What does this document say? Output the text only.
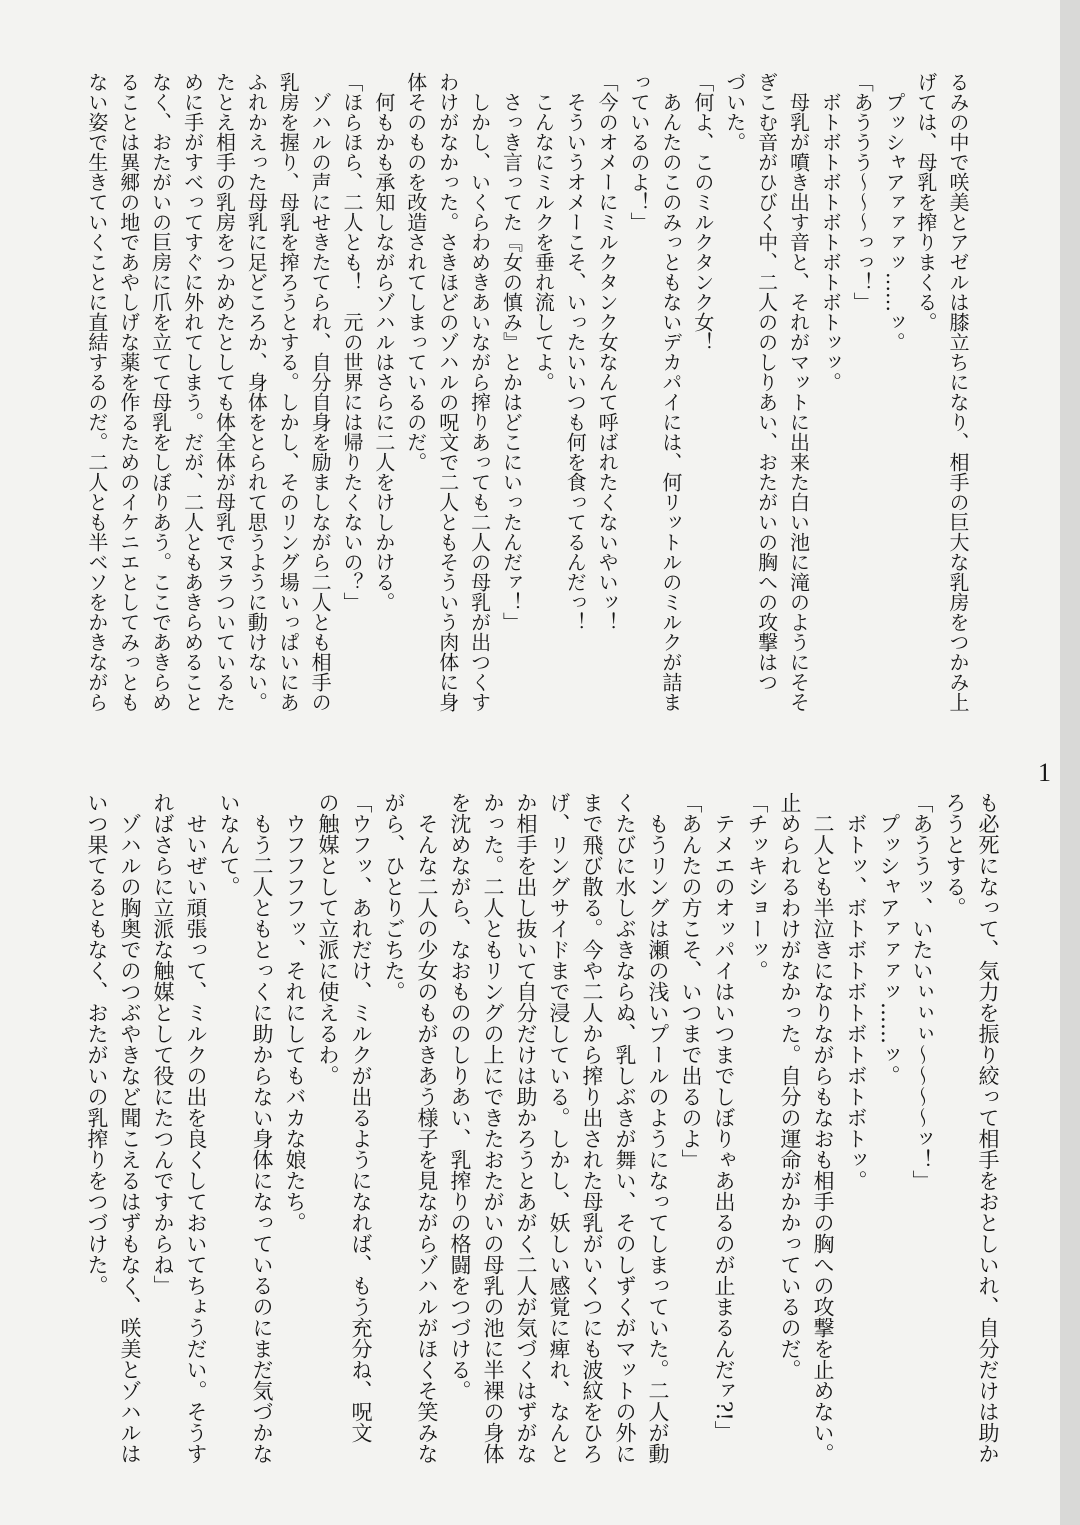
るみの中で咲美とアゼルは膝立ちになり、相手の巨大な乳房をつかみ上
げては、母乳を搾りまくる。
　プッシャアァァァッ……ッ。
「あううう〜〜〜っっ！」
　ボトボトボトボトボトボトッッ。
　母乳が噴き出す音と、それがマットに出来た白い池に滝のようにそそ
ぎこむ音がひびく中、二人ののしりあい、おたがいの胸への攻撃はつ
づいた。
「何よ、このミルクタンク女！
　あんたのこのみっともないデカパイには、何リットルのミルクが詰ま
っているのよ！」
「今のオメーにミルクタンク女なんて呼ばれたくないやいッ！
　そういうオメーこそ、いったいいつも何を食ってるんだっ！
　こんなにミルクを垂れ流してよ。
　さっき言ってた『女の慎み』とかはどこにいったんだァ！」
　しかし、いくらわめきあいながら搾りあっても二人の母乳が出つくす
わけがなかった。さきほどのゾハルの呪文で二人ともそういう肉体に身
体そのものを改造されてしまっているのだ。
　何もかも承知しながらゾハルはさらに二人をけしかける。
「ほらほら、二人とも！　元の世界には帰りたくないの？」
　ゾハルの声にせきたてられ、自分自身を励ましながら二人とも相手の
乳房を握り、母乳を搾ろうとする。しかし、そのリング場いっぱいにあ
ふれかえった母乳に足どころか、身体をとられて思うように動けない。
たとえ相手の乳房をつかめたとしても体全体が母乳でヌラついているた
めに手がすべってすぐに外れてしまう。だが、二人ともあきらめること
なく、おたがいの巨房に爪を立てて母乳をしぼりあう。ここであきらめ
ることは異郷の地であやしげな薬を作るためのイケニエとしてみっとも
ない姿で生きていくことに直結するのだ。二人とも半ベソをかきながら
1
も必死になって、気力を振り絞って相手をおとしいれ、自分だけは助か
ろうとする。
「あううッ、いたいぃぃぃ〜〜〜〜ッ！」
　プッシャアァァァッ……ッ。
　ボトッ、ボトボトボトボトボトボトッ。
　二人とも半泣きになりながらもなおも相手の胸への攻撃を止めない。
止められるわけがなかった。自分の運命がかかっているのだ。
「チッキショーッ。
　テメエのオッパイはいつまでしぼりゃあ出るのが止まるんだァ?!」
「あんたの方こそ、いつまで出るのよ」
　もうリングは瀬の浅いプールのようになってしまっていた。二人が動
くたびに水しぶきならぬ、乳しぶきが舞い、そのしずくがマットの外に
まで飛び散る。今や二人から搾り出された母乳がいくつにも波紋をひろ
げ、リングサイドまで浸している。しかし、妖しい感覚に痺れ、なんと
か相手を出し抜いて自分だけは助かろうとあがく二人が気づくはずがな
かった。二人ともリングの上にできたおたがいの母乳の池に半裸の身体
を沈めながら、なおもののしりあい、乳搾りの格闘をつづける。
　そんな二人の少女のもがきあう様子を見ながらゾハルがほくそ笑みな
がら、ひとりごちた。
「ウフッ、あれだけ、ミルクが出るようになれば、もう充分ね、呪文
の触媒として立派に使えるわ。
　ウフフフフッ、それにしてもバカな娘たち。
　もう二人ともとっくに助からない身体になっているのにまだ気づかな
いなんて。
　せいぜい頑張って、ミルクの出を良くしておいてちょうだい。そうす
ればさらに立派な触媒として役にたつんですからね」
　ゾハルの胸奥でのつぶやきなど聞こえるはずもなく、咲美とゾハルは
いつ果てるともなく、おたがいの乳搾りをつづけた。
